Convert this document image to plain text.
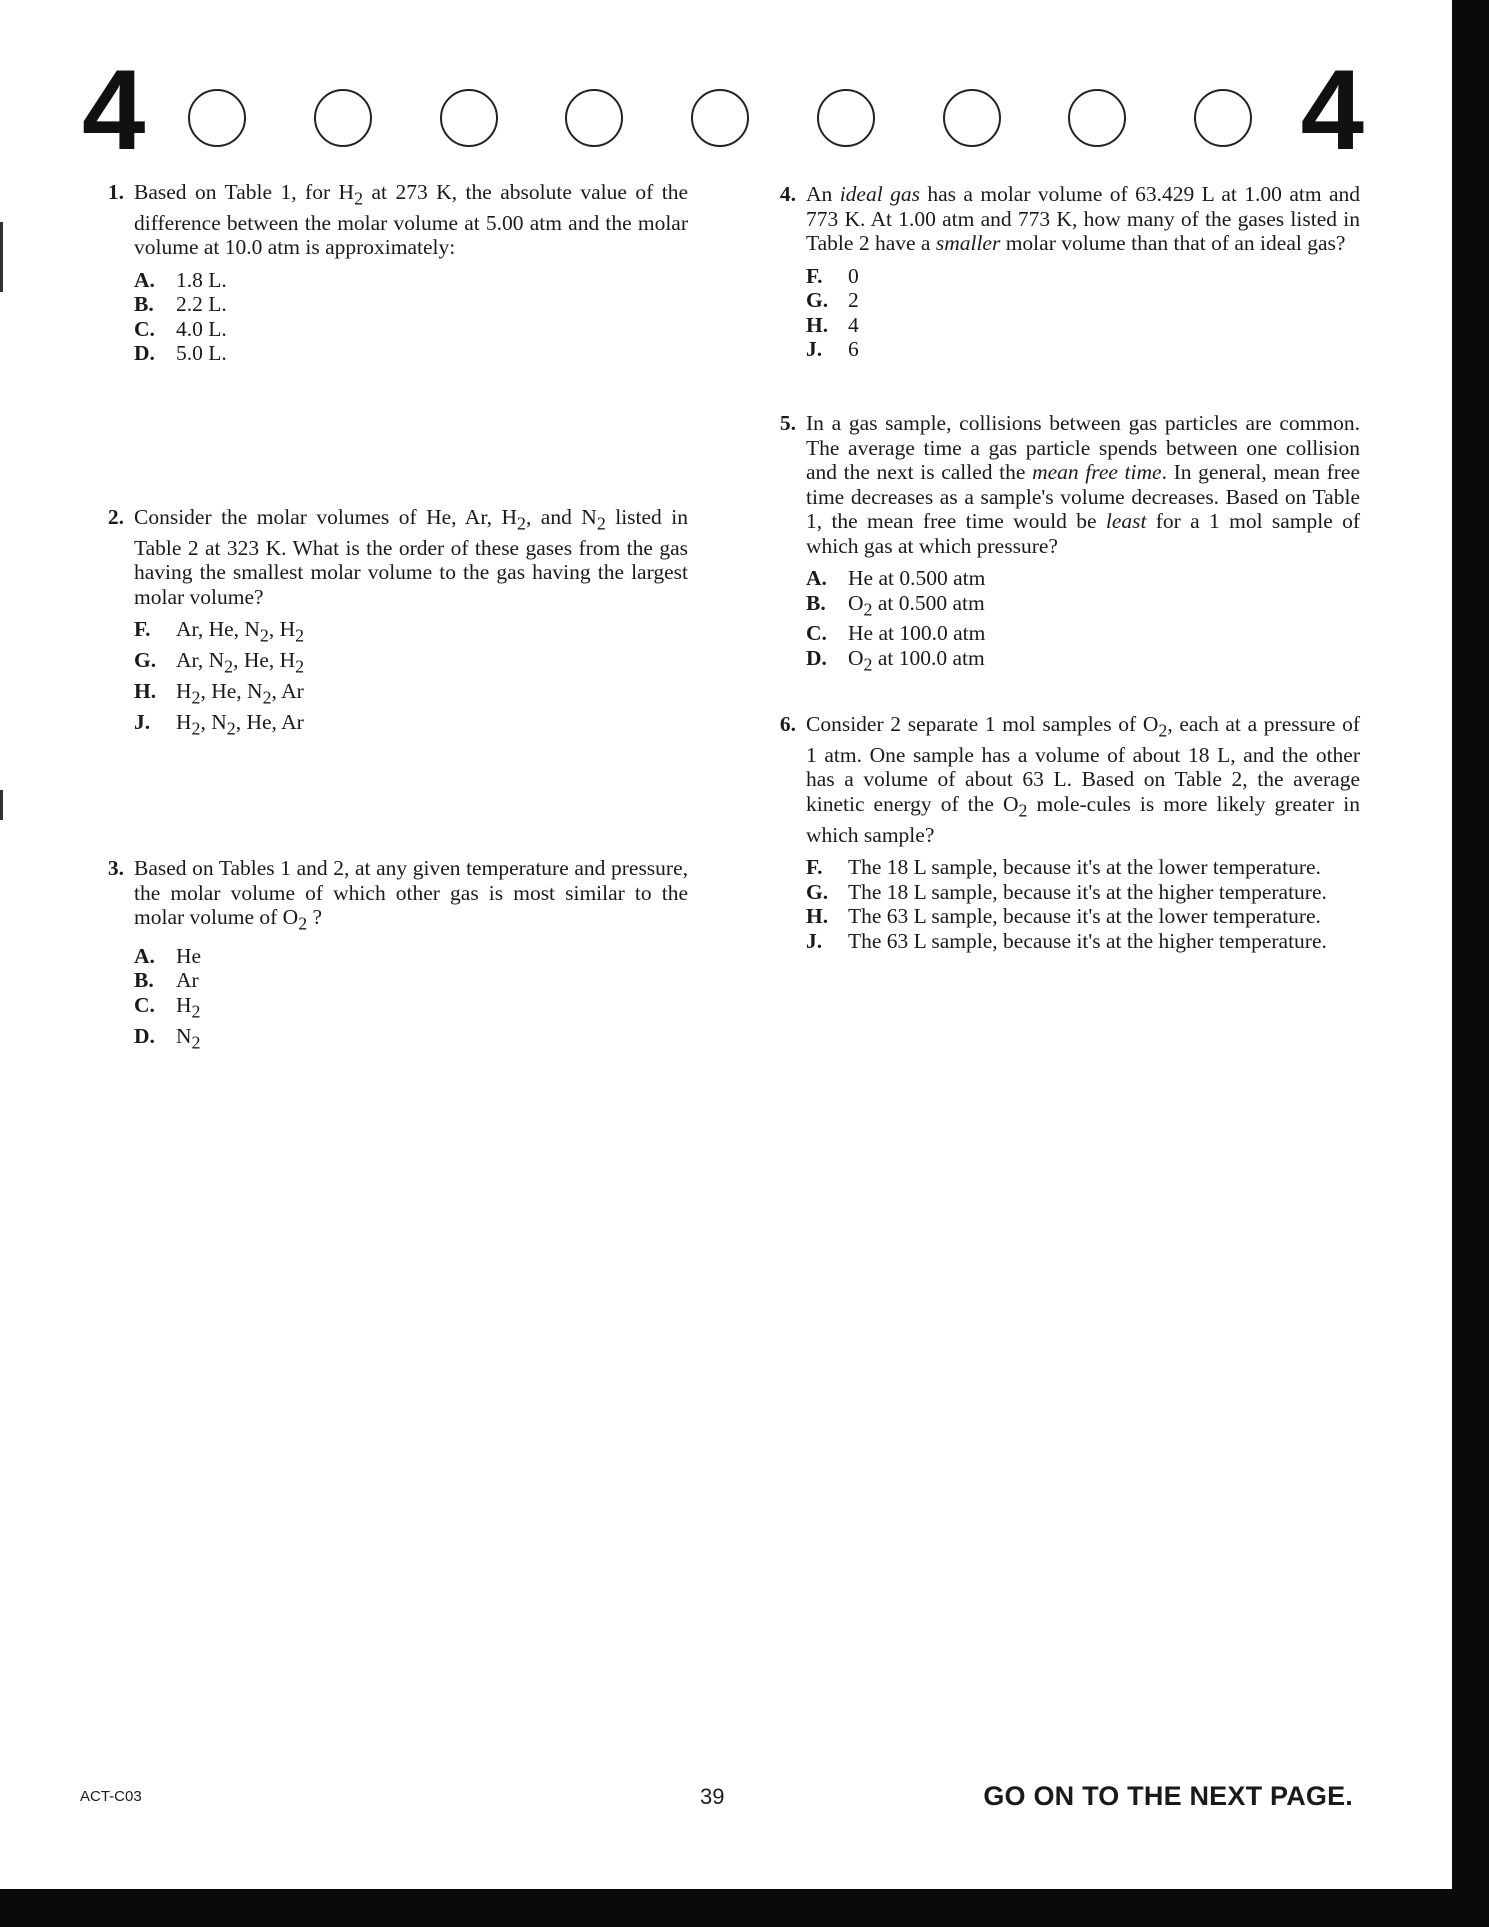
4	4
1. Based on Table 1, for $H_2$ at 273 K, the absolute value of the difference between the molar volume at 5.00 atm and the molar volume at 10.0 atm is approximately:
A. 1.8 L.
B.	2.2 L.
C. 4.0 L.
D. 5.0 L.
2. Consider the molar volumes of He, Ar, $H_2$, and $N_2$ listed in Table 2 at 323 K. What is the order of these gases from the gas having the smallest molar volume to the gas having the largest molar volume?
F.	Ar, He, $N_2$, $H_2$
G. Ar, $N_2$, He, $H_2$
H. $H_2$, He, $N_2$, Ar
J.	$H_2$, $N_2$, He, Ar
3. Based on Tables 1 and 2, at any given temperature and pressure, the molar volume of which other gas is most similar to the molar volume of $O_2$ ?
A. He
B.	Ar
C. $H_2$
D. $N_2$
4. An ideal gas has a molar volume of 63.429 L at 1.00 atm and 773 K. At 1.00 atm and 773 K, how many of the gases listed in Table 2 have a smaller molar volume than that of an ideal gas?
F.	0
G. 2
H. 4
J.	6
5. In a gas sample, collisions between gas particles are common. The average time a gas particle spends between one collision and the next is called the mean free time. In general, mean free time decreases as a sample's volume decreases. Based on Table 1, the mean free time would be least for a 1 mol sample of which gas at which pressure?
A. He at 0.500 atm
B.	$O_2$ at 0.500 atm
C. He at 100.0 atm
D. $O_2$ at 100.0 atm
6. Consider 2 separate 1 mol samples of $O_2$, each at a pressure of 1 atm. One sample has a volume of about 18 L, and the other has a volume of about 63 L. Based on Table 2, the average kinetic energy of the $O_2$ mole-cules is more likely greater in which sample?
F.	The 18 L sample, because it's at the lower temperature.
G. The 18 L sample, because it's at the higher temperature.
H. The 63 L sample, because it's at the lower temperature.
J.	The 63 L sample, because it's at the higher temperature.
ACT-C03	39	GO ON TO THE NEXT PAGE.
